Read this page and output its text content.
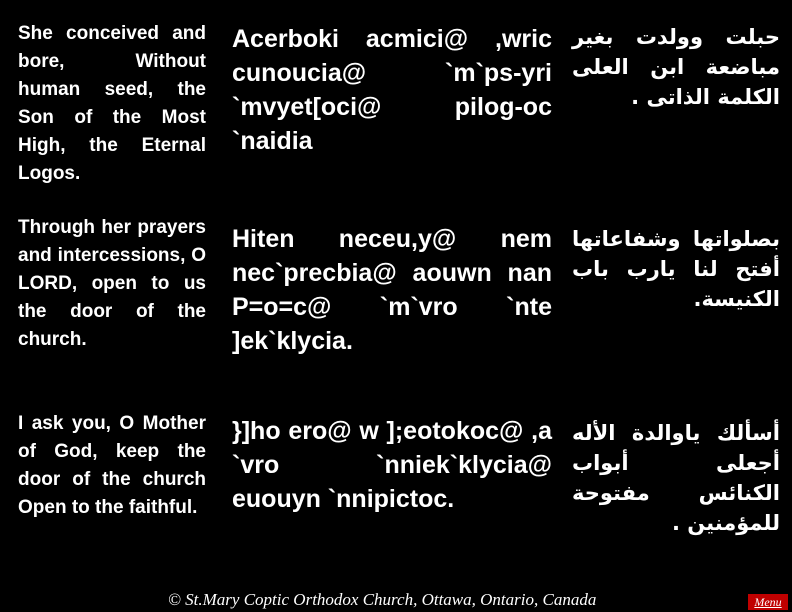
She conceived and bore, Without human seed, the Son of the Most High, the Eternal Logos.
Acerboki acmici@ ,wric cunoucia@ `m`ps-yri `mvyet[oci@ pilog-oc `naidia
حبلت وولدت بغير مباضعة ابن العلى الكلمة الذاتى .
Through her prayers and intercessions, O LORD, open to us the door of the church.
Hiten neceu,y@ nem nec`precbia@ aouwn nan P=o=c@ `m`vro `nte ]ek`klycia.
بصلواتها وشفاعاتها أفتح لنا يارب باب الكنيسة.
I ask you, O Mother of God, keep the door of the church Open to the faithful.
}]ho ero@ w ];eotokoc@ ,a `vro `nniek`klycia@ euouyn `nnipictoc.
أسألك ياوالدة الأله أجعلى أبواب الكنائس مفتوحة للمؤمنين .
© St.Mary Coptic Orthodox Church, Ottawa, Ontario, Canada	Menu
